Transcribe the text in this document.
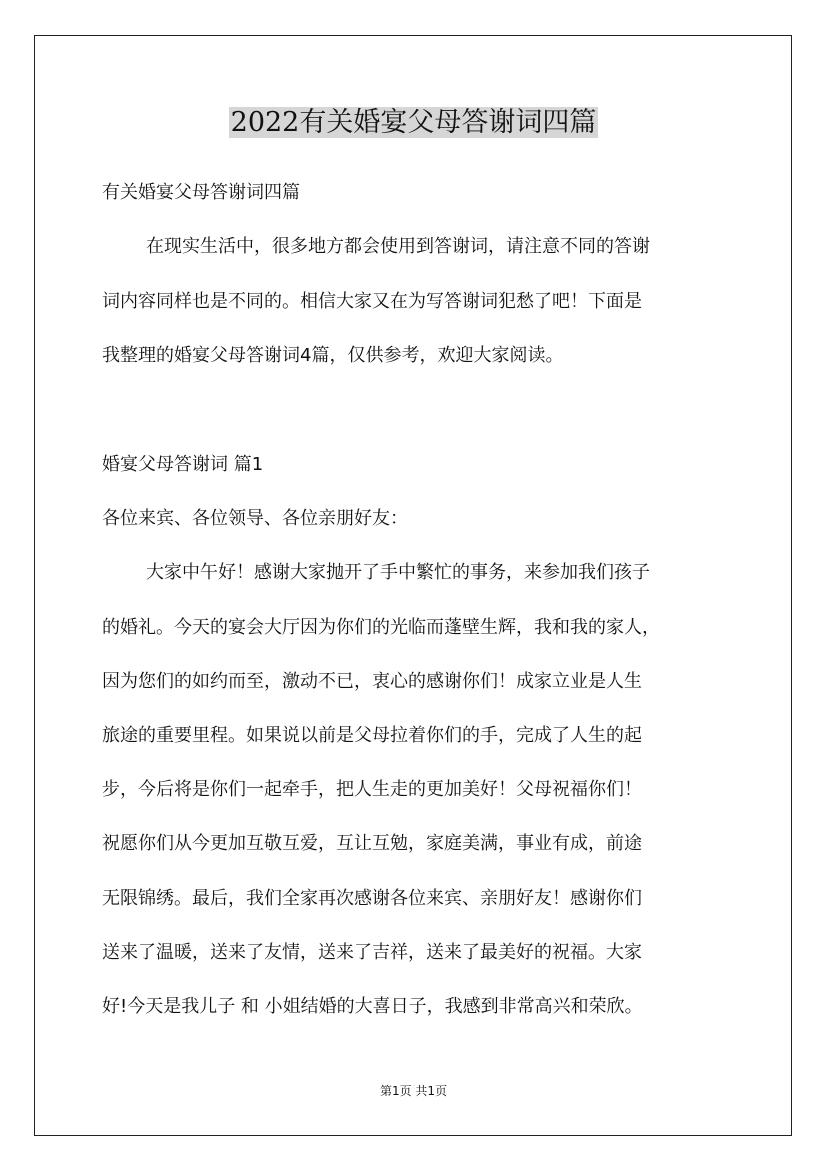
2022有关婚宴父母答谢词四篇
有关婚宴父母答谢词四篇
在现实生活中，很多地方都会使用到答谢词，请注意不同的答谢
词内容同样也是不同的。相信大家又在为写答谢词犯愁了吧！下面是
我整理的婚宴父母答谢词4篇，仅供参考，欢迎大家阅读。
婚宴父母答谢词 篇1
各位来宾、各位领导、各位亲朋好友：
大家中午好！感谢大家抛开了手中繁忙的事务，来参加我们孩子
的婚礼。今天的宴会大厅因为你们的光临而蓬壁生辉，我和我的家人，
因为您们的如约而至，激动不已，衷心的感谢你们！成家立业是人生
旅途的重要里程。如果说以前是父母拉着你们的手，完成了人生的起
步，今后将是你们一起牵手，把人生走的更加美好！父母祝福你们！
祝愿你们从今更加互敬互爱，互让互勉，家庭美满，事业有成，前途
无限锦绣。最后，我们全家再次感谢各位来宾、亲朋好友！感谢你们
送来了温暖，送来了友情，送来了吉祥，送来了最美好的祝福。大家
好!今天是我儿子 和 小姐结婚的大喜日子，我感到非常高兴和荣欣。
第1页 共1页
